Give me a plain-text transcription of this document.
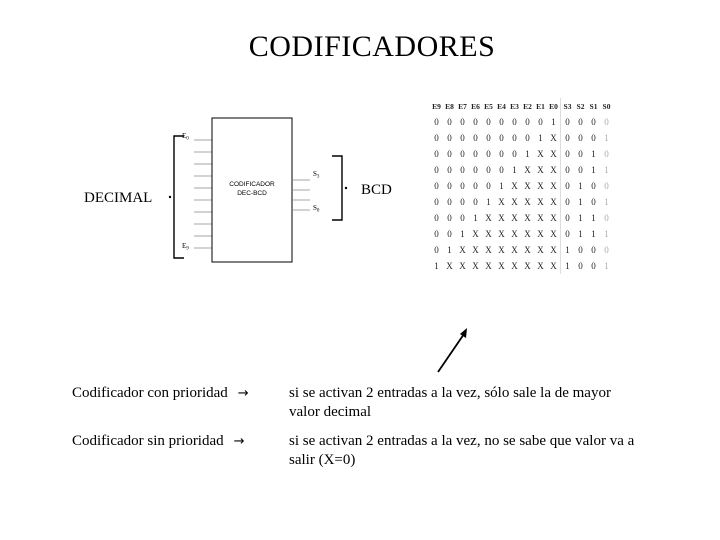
CODIFICADORES
DECIMAL	BCD
CODIFICADOR
DEC-BCD
$E_0$
$E_9$
$S_3$
$S_0$
E9	E8	E7	E6	E5	E4	E3	E2	E1	E0	S3	S2	S1	S0
0	0	0	0	0	0	0	0	0	1	0	0	0	0
0	0	0	0	0	0	0	0	1	X	0	0	0	1
0	0	0	0	0	0	0	1	X	X	0	0	1	0
0	0	0	0	0	0	1	X	X	X	0	0	1	1
0	0	0	0	0	1	X	X	X	X	0	1	0	0
0	0	0	0	1	X	X	X	X	X	0	1	0	1
0	0	0	1	X	X	X	X	X	X	0	1	1	0
0	0	1	X	X	X	X	X	X	X	0	1	1	1
0	1	X	X	X	X	X	X	X	X	1	0	0	0
1	X	X	X	X	X	X	X	X	X	1	0	0	1
Codificador con prioridad →	si se activan 2 entradas a la vez, sólo sale la de mayor valor decimal
Codificador sin prioridad →	si se activan 2 entradas a la vez, no se sabe que valor va a salir (X=0)
